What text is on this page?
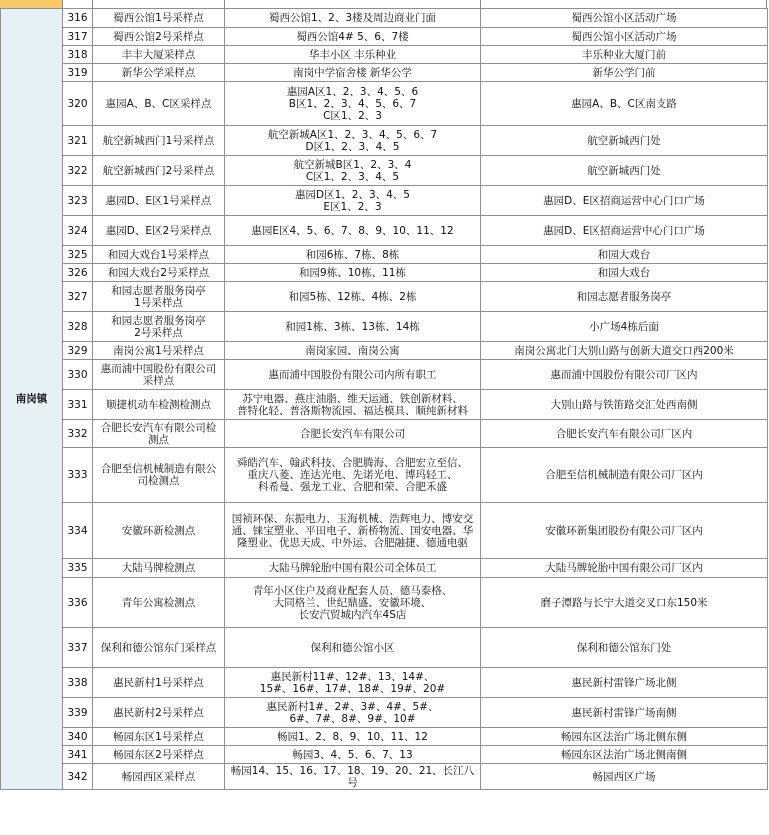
南岗镇	316	蜀西公馆1号采样点	蜀西公馆1、2、3楼及周边商业门面	蜀西公馆小区活动广场
	317	蜀西公馆2号采样点	蜀西公馆4# 5、6、7楼	蜀西公馆小区活动广场
	318	丰丰大厦采样点	华丰小区 丰乐种业	丰乐种业大厦门前
	319	新华公学采样点	南岗中学宿舍楼 新华公学	新华公学门前
	320	惠园A、B、C区采样点	惠园A区1、2、3、4、5、6
B区1、2、3、4、5、6、7
C区1、2、3	惠园A、B、C区南支路
	321	航空新城西门1号采样点	航空新城A区1、2、3、4、5、6、7
D区1、2、3、4、5	航空新城西门处
	322	航空新城西门2号采样点	航空新城B区1、2、3、4
C区1、2、3、4、5	航空新城西门处
	323	惠园D、E区1号采样点	惠园D区1、2、3、4、5
E区1、2、3	惠园D、E区招商运营中心门口广场
	324	惠园D、E区2号采样点	惠园E区4、5、6、7、8、9、10、11、12	惠园D、E区招商运营中心门口广场
	325	和园大戏台1号采样点	和园6栋、7栋、8栋	和园大戏台
	326	和园大戏台2号采样点	和园9栋、10栋、11栋	和园大戏台
	327	和园志愿者服务岗亭
1号采样点	和园5栋、12栋、4栋、2栋	和园志愿者服务岗亭
	328	和园志愿者服务岗亭
2号采样点	和园1栋、3栋、13栋、14栋	小广场4栋后面
	329	南岗公寓1号采样点	南岗家园、南岗公寓	南岗公寓北门大别山路与创新大道交口西200米
	330	惠而浦中国股份有限公司
采样点	惠而浦中国股份有限公司内所有职工	惠而浦中国股份有限公司厂区内
	331	顺捷机动车检测检测点	苏宁电器、燕庄油脂、维天运通、铁创新材料、
普特化轻、普洛斯物流园、福达模具、顺纯新材料	大别山路与铁笛路交汇处西南侧
	332	合肥长安汽车有限公司检
测点	合肥长安汽车有限公司	合肥长安汽车有限公司厂区内
	333	合肥至信机械制造有限公
司检测点	舜皓汽车、翰武科技、合肥腾海、合肥宏立至信、
重庆八菱、连达光电、先诺光电、博玛轻工、
科希曼、强龙工业、合肥和荣、合肥禾盛	合肥至信机械制造有限公司厂区内
	334	安徽环新检测点	国祯环保、东振电力、玉海机械、浩辉电力、博安交
通、铼宝塑业、平田电子、新桥物流、国安电器、华
隆塑业、优思天成、中外运、合肥融捷、德通电驱	安徽环新集团股份有限公司厂区内
	335	大陆马牌检测点	大陆马牌轮胎中国有限公司全体员工	大陆马牌轮胎中国有限公司厂区内
	336	青年公寓检测点	青年小区住户及商业配套人员、德马泰格、
大同格兰、世纪鼎盛、安徽环境、
长安汽贸城内汽车4S店	磨子潭路与长宁大道交叉口东150米
	337	保利和德公馆东门采样点	保利和德公馆小区	保利和德公馆东门处
	338	惠民新村1号采样点	惠民新村11#、12#、13、14#、
15#、16#、17#、18#、19#、20#	惠民新村雷锋广场北侧
	339	惠民新村2号采样点	惠民新村1#、2#、3#、4#、5#、
6#、7#、8#、9#、10#	惠民新村雷锋广场南侧
	340	畅园东区1号采样点	畅园1、2、8、9、10、11、12	畅园东区法治广场北侧东侧
	341	畅园东区2号采样点	畅园3、4、5、6、7、13	畅园东区法治广场北侧南侧
	342	畅园西区采样点	畅园14、15、16、17、18、19、20、21、长江八号	畅园西区广场
